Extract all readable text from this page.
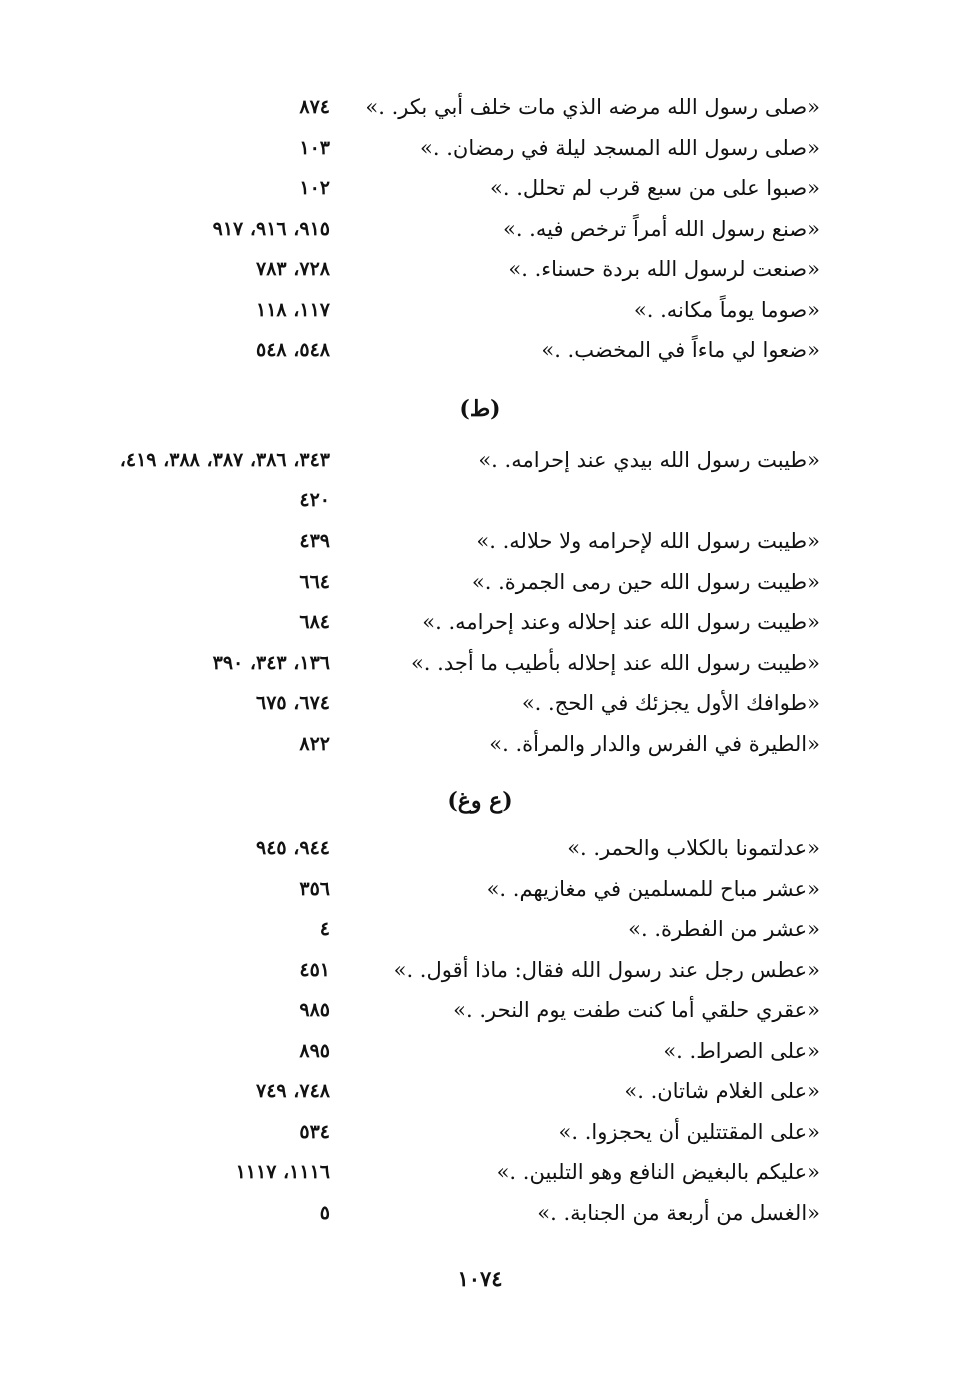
«صلى رسول الله مرضه الذي مات خلف أبي بكر. .»
٨٧٤
«صلى رسول الله المسجد ليلة في رمضان. .»
١٠٣
«صبوا على من سبع قرب لم تحلل. .»
١٠٢
«صنع رسول الله أمراً ترخص فيه. .»
٩١٥، ٩١٦، ٩١٧
«صنعت لرسول الله بردة حسناء. .»
٧٢٨، ٧٨٣
«صوما يوماً مكانه. .»
١١٧، ١١٨
«ضعوا لي ماءاً في المخضب. .»
٥٤٨، ٥٤٨
(ط)
«طيبت رسول الله بيدي عند إحرامه. .»
٣٤٣، ٣٨٦، ٣٨٧، ٣٨٨، ٤١٩، ٤٢٠
«طيبت رسول الله لإحرامه ولا حلاله. .»
٤٣٩
«طيبت رسول الله حين رمى الجمرة. .»
٦٦٤
«طيبت رسول الله عند إحلاله وعند إحرامه. .»
٦٨٤
«طيبت رسول الله عند إحلاله بأطيب ما أجد. .»
١٣٦، ٣٤٣، ٣٩٠
«طوافك الأول يجزئك في الحج. .»
٦٧٤، ٦٧٥
«الطيرة في الفرس والدار والمرأة. .»
٨٢٢
(ع وغ)
«عدلتمونا بالكلاب والحمر. .»
٩٤٤، ٩٤٥
«عشر مباح للمسلمين في مغازيهم. .»
٣٥٦
«عشر من الفطرة. .»
٤
«عطس رجل عند رسول الله فقال: ماذا أقول. .»
٤٥١
«عقري حلقي أما كنت طفت يوم النحر. .»
٩٨٥
«على الصراط. .»
٨٩٥
«على الغلام شاتان. .»
٧٤٨، ٧٤٩
«على المقتتلين أن يحجزوا. .»
٥٣٤
«عليكم بالبغيض النافع وهو التلبين. .»
١١١٦، ١١١٧
«الغسل من أربعة من الجنابة. .»
٥
١٠٧٤
